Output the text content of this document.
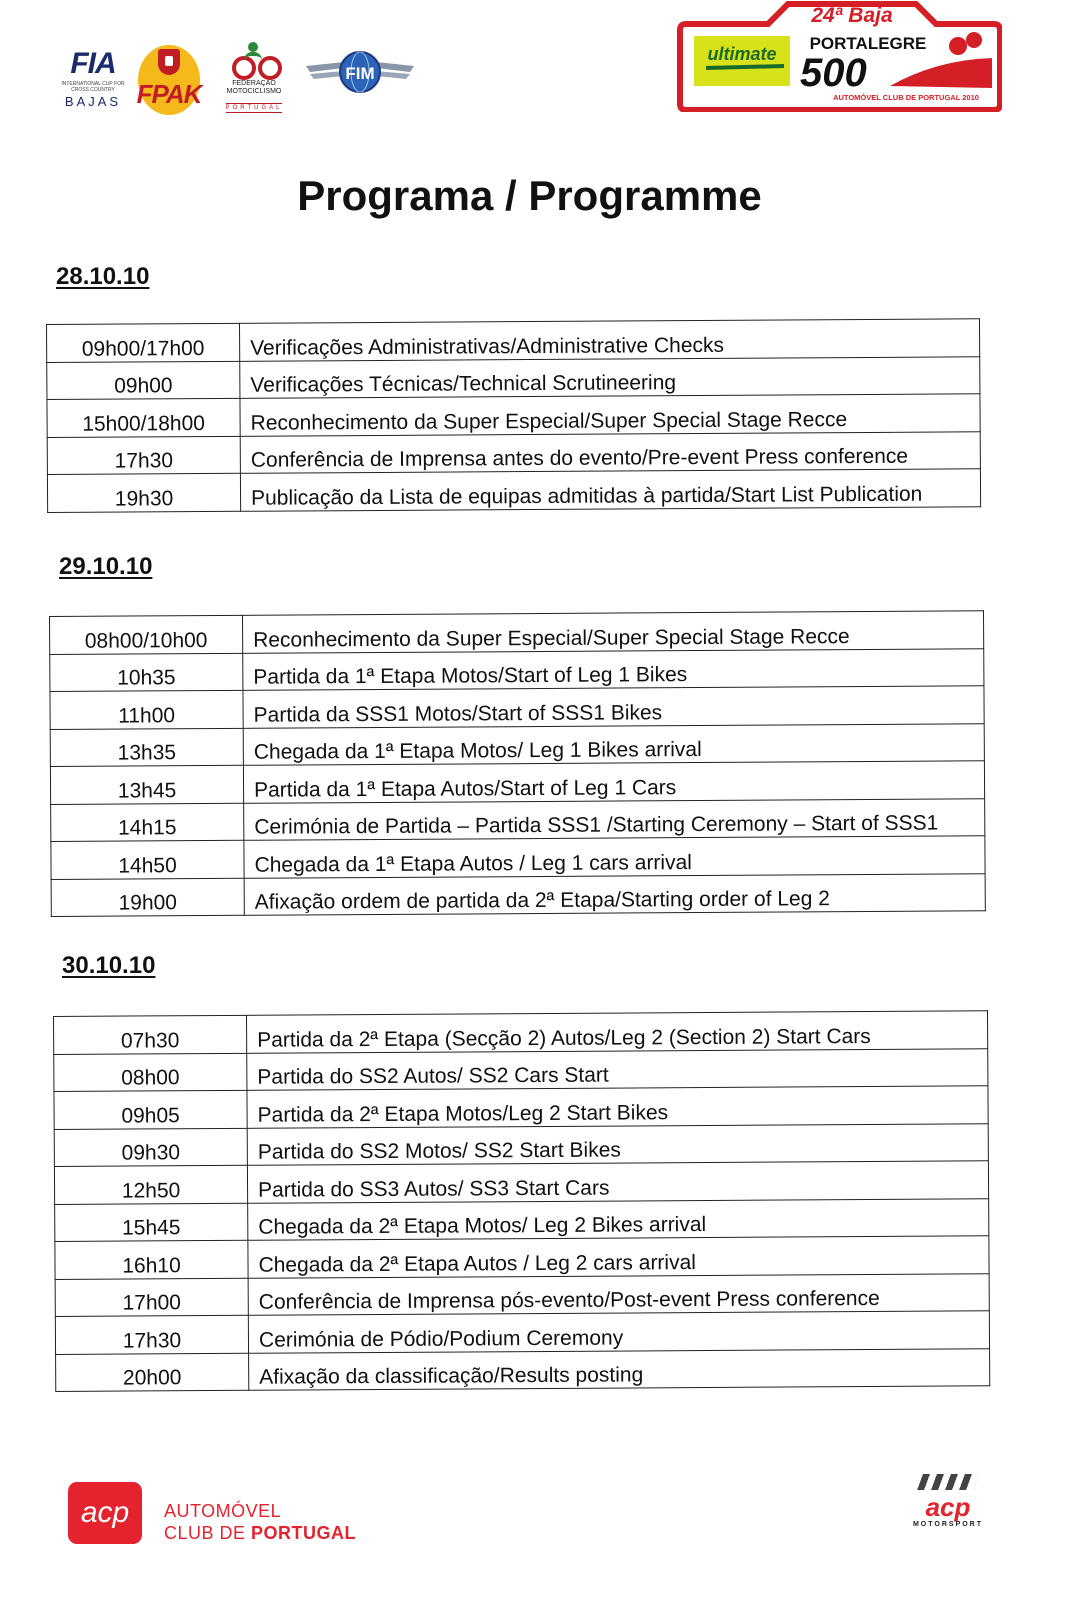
FIA
INTERNATIONAL CUP FOR CROSS COUNTRY
BAJAS FPAK	FEDERAÇÃO
MOTOCICLISMO
PORTUGAL
FIM
24ª Baja
ultimate
PORTALEGRE
500
AUTOMÓVEL CLUB DE PORTUGAL 2010
Programa / Programme
28.10.10
09h00/17h00	Verificações Administrativas/Administrative Checks
09h00	Verificações Técnicas/Technical Scrutineering
15h00/18h00	Reconhecimento da Super Especial/Super Special Stage Recce
17h30	Conferência de Imprensa antes do evento/Pre-event Press conference
19h30	Publicação da Lista de equipas admitidas à partida/Start List Publication
29.10.10
08h00/10h00	Reconhecimento da Super Especial/Super Special Stage Recce
10h35	Partida da 1ª Etapa Motos/Start of Leg 1 Bikes
11h00	Partida da SSS1 Motos/Start of SSS1 Bikes
13h35	Chegada da 1ª Etapa Motos/ Leg 1 Bikes arrival
13h45	Partida da 1ª Etapa Autos/Start of Leg 1 Cars
14h15	Cerimónia de Partida – Partida SSS1 /Starting Ceremony – Start of SSS1
14h50	Chegada da 1ª Etapa Autos / Leg 1 cars arrival
19h00	Afixação ordem de partida da 2ª Etapa/Starting order of Leg 2
30.10.10
07h30	Partida da 2ª Etapa (Secção 2) Autos/Leg 2 (Section 2) Start Cars
08h00	Partida do SS2 Autos/ SS2 Cars Start
09h05	Partida da 2ª Etapa Motos/Leg 2 Start Bikes
09h30	Partida do SS2 Motos/ SS2 Start Bikes
12h50	Partida do SS3 Autos/ SS3 Start Cars
15h45	Chegada da 2ª Etapa Motos/ Leg 2 Bikes arrival
16h10	Chegada da 2ª Etapa Autos / Leg 2 cars arrival
17h00	Conferência de Imprensa pós-evento/Post-event Press conference
17h30	Cerimónia de Pódio/Podium Ceremony
20h00	Afixação da classificação/Results posting
acp	AUTOMÓVEL
CLUB DE PORTUGAL
acp
MOTORSPORT
